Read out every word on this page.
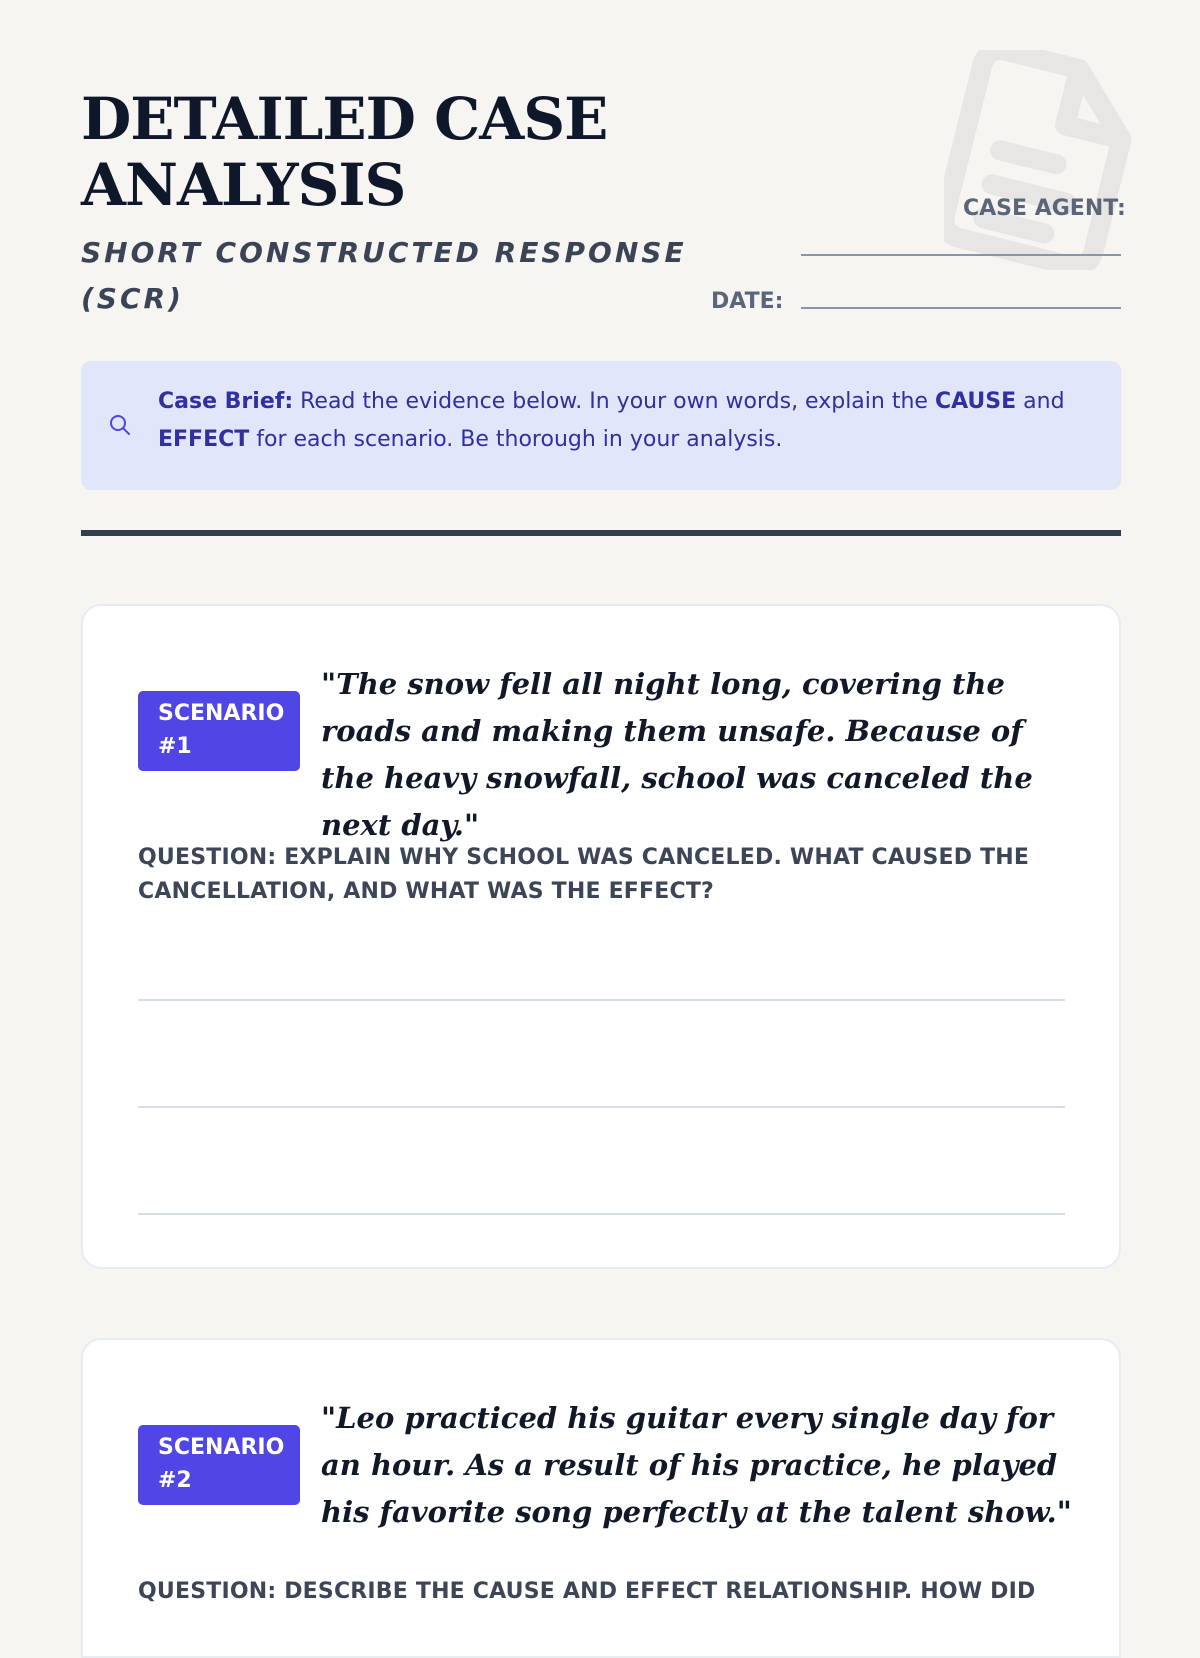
DETAILED CASE ANALYSIS

SHORT CONSTRUCTED RESPONSE (SCR)

CASE AGENT:
DATE:
Case Brief: Read the evidence below. In your own words, explain the CAUSE and EFFECT for each scenario. Be thorough in your analysis.
SCENARIO
#1

"The snow fell all night long, covering the roads and making them unsafe. Because of the heavy snowfall, school was canceled the next day."

QUESTION: EXPLAIN WHY SCHOOL WAS CANCELED. WHAT CAUSED THE CANCELLATION, AND WHAT WAS THE EFFECT?

SCENARIO
#2

"Leo practiced his guitar every single day for an hour. As a result of his practice, he played his favorite song perfectly at the talent show."

QUESTION: DESCRIBE THE CAUSE AND EFFECT RELATIONSHIP. HOW DID
